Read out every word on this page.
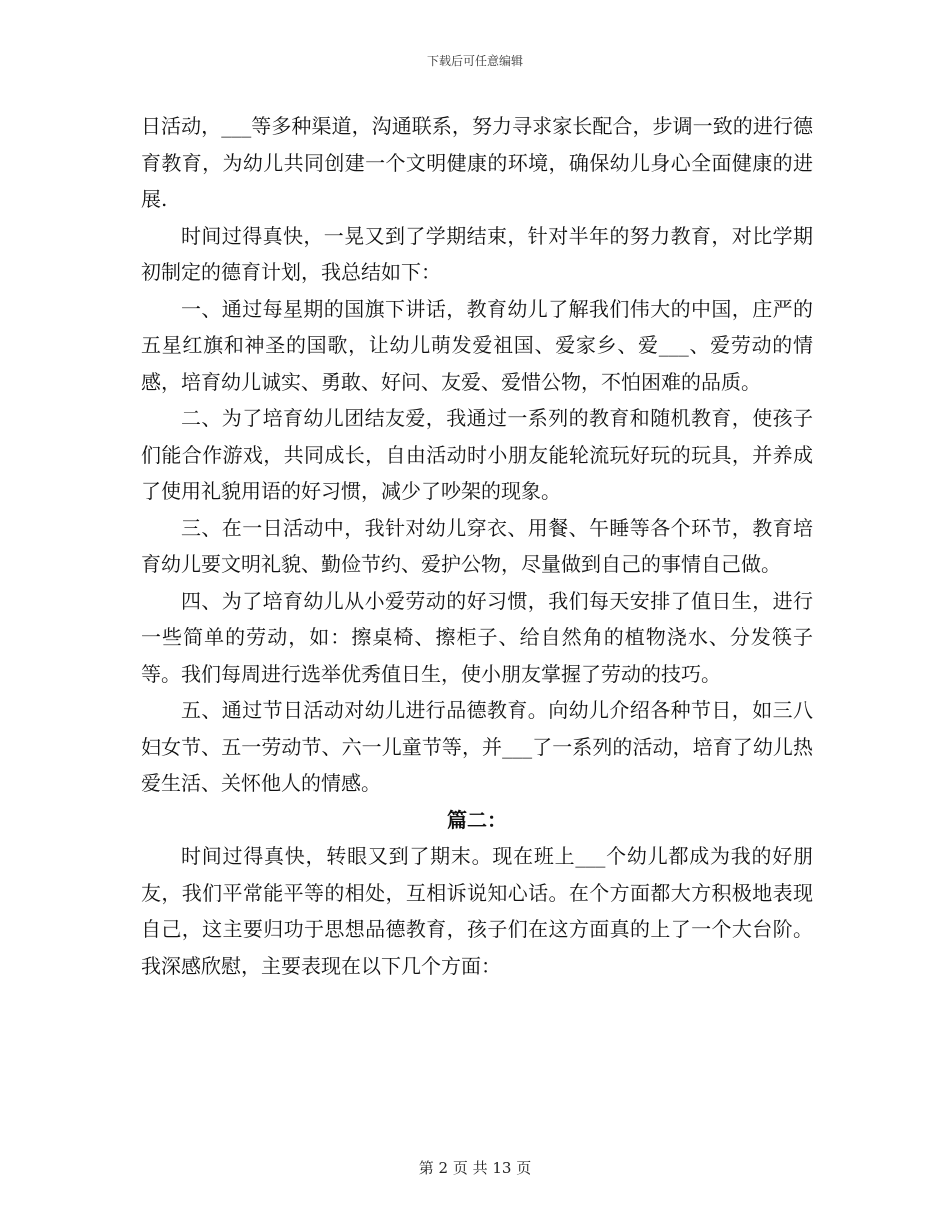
下载后可任意编辑

日活动，___等多种渠道，沟通联系，努力寻求家长配合，步调一致的进行德育教育，为幼儿共同创建一个文明健康的环境，确保幼儿身心全面健康的进展.

时间过得真快，一晃又到了学期结束，针对半年的努力教育，对比学期初制定的德育计划，我总结如下：

一、通过每星期的国旗下讲话，教育幼儿了解我们伟大的中国，庄严的五星红旗和神圣的国歌，让幼儿萌发爱祖国、爱家乡、爱___、爱劳动的情感，培育幼儿诚实、勇敢、好问、友爱、爱惜公物，不怕困难的品质。

二、为了培育幼儿团结友爱，我通过一系列的教育和随机教育，使孩子们能合作游戏，共同成长，自由活动时小朋友能轮流玩好玩的玩具，并养成了使用礼貌用语的好习惯，减少了吵架的现象。

三、在一日活动中，我针对幼儿穿衣、用餐、午睡等各个环节，教育培育幼儿要文明礼貌、勤俭节约、爱护公物，尽量做到自己的事情自己做。

四、为了培育幼儿从小爱劳动的好习惯，我们每天安排了值日生，进行一些简单的劳动，如：擦桌椅、擦柜子、给自然角的植物浇水、分发筷子等。我们每周进行选举优秀值日生，使小朋友掌握了劳动的技巧。

五、通过节日活动对幼儿进行品德教育。向幼儿介绍各种节日，如三八妇女节、五一劳动节、六一儿童节等，并___了一系列的活动，培育了幼儿热爱生活、关怀他人的情感。

篇二：

时间过得真快，转眼又到了期末。现在班上___个幼儿都成为我的好朋友，我们平常能平等的相处，互相诉说知心话。在个方面都大方积极地表现自己，这主要归功于思想品德教育，孩子们在这方面真的上了一个大台阶。我深感欣慰，主要表现在以下几个方面：

第 2 页 共 13 页
